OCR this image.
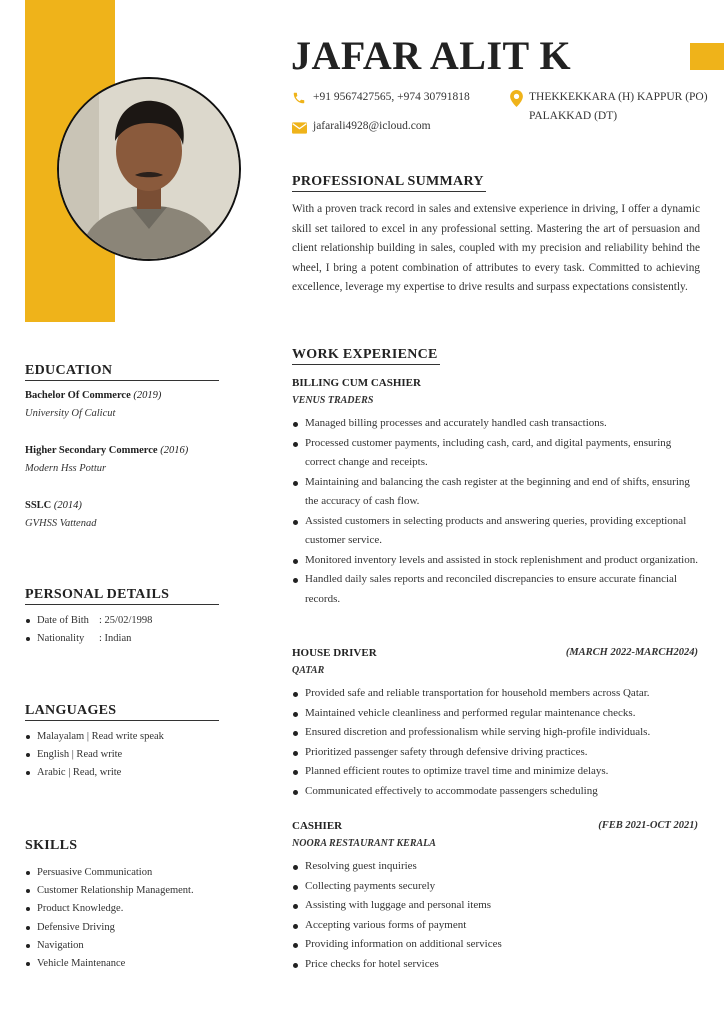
JAFAR ALIT K
+91 9567427565, +974 30791818
jafarali4928@icloud.com
THEKKEKKARA (H) KAPPUR (PO)
PALAKKAD (DT)
PROFESSIONAL SUMMARY
With a proven track record in sales and extensive experience in driving, I offer a dynamic skill set tailored to excel in any professional setting. Mastering the art of persuasion and client relationship building in sales, coupled with my precision and reliability behind the wheel, I bring a potent combination of attributes to every task. Committed to achieving excellence, leverage my expertise to drive results and surpass expectations consistently.
WORK EXPERIENCE
BILLING CUM CASHIER
VENUS TRADERS
Managed billing processes and accurately handled cash transactions.
Processed customer payments, including cash, card, and digital payments, ensuring correct change and receipts.
Maintaining and balancing the cash register at the beginning and end of shifts, ensuring the accuracy of cash flow.
Assisted customers in selecting products and answering queries, providing exceptional customer service.
Monitored inventory levels and assisted in stock replenishment and product organization.
Handled daily sales reports and reconciled discrepancies to ensure accurate financial records.
HOUSE DRIVER	(MARCH 2022-MARCH2024)
QATAR
Provided safe and reliable transportation for household members across Qatar.
Maintained vehicle cleanliness and performed regular maintenance checks.
Ensured discretion and professionalism while serving high-profile individuals.
Prioritized passenger safety through defensive driving practices.
Planned efficient routes to optimize travel time and minimize delays.
Communicated effectively to accommodate passengers scheduling
CASHIER	(FEB 2021-OCT 2021)
NOORA RESTAURANT KERALA
Resolving guest inquiries
Collecting payments securely
Assisting with luggage and personal items
Accepting various forms of payment
Providing information on additional services
Price checks for hotel services
EDUCATION
Bachelor Of Commerce (2019)
University Of Calicut
Higher Secondary Commerce (2016)
Modern Hss Pottur
SSLC (2014)
GVHSS Vattenad
PERSONAL DETAILS
Date of Bith : 25/02/1998
Nationality : Indian
LANGUAGES
Malayalam | Read write speak
English | Read write
Arabic | Read, write
SKILLS
Persuasive Communication
Customer Relationship Management.
Product Knowledge.
Defensive Driving
Navigation
Vehicle Maintenance
